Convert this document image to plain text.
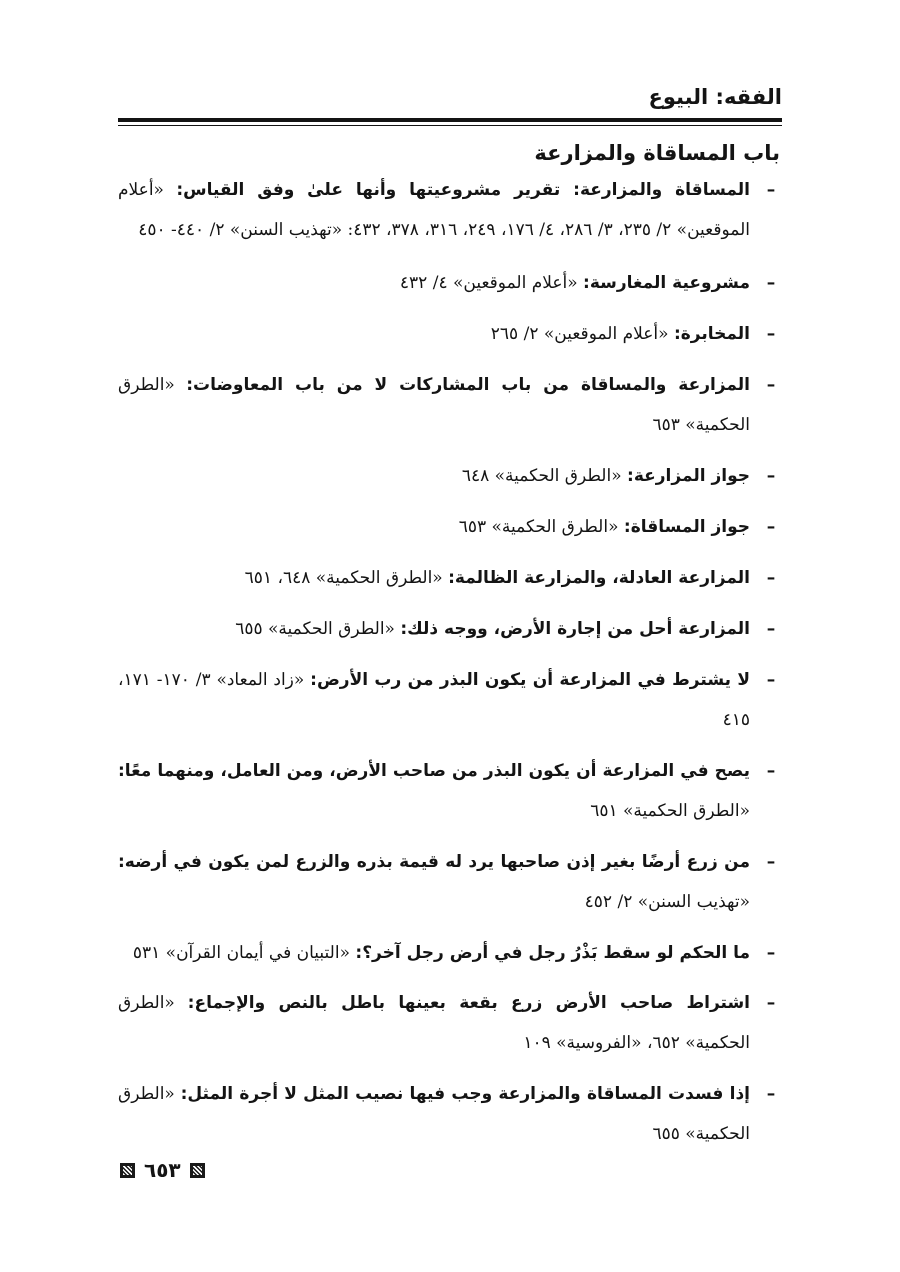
الفقه: البيوع
باب المساقاة والمزارعة
–
المساقاة والمزارعة: تقرير مشروعيتها وأنها علىٰ وفق القياس: «أعلام الموقعين» ٢/ ٢٣٥، ٣/ ٢٨٦، ٤/ ١٧٦، ٢٤٩، ٣١٦، ٣٧٨، ٤٣٢: «تهذيب السنن» ٢/ ٤٤٠- ٤٥٠
–
مشروعية المغارسة: «أعلام الموقعين» ٤/ ٤٣٢
–
المخابرة: «أعلام الموقعين» ٢/ ٢٦٥
–
المزارعة والمساقاة من باب المشاركات لا من باب المعاوضات: «الطرق الحكمية» ٦٥٣
–
جواز المزارعة: «الطرق الحكمية» ٦٤٨
–
جواز المساقاة: «الطرق الحكمية» ٦٥٣
–
المزارعة العادلة، والمزارعة الظالمة: «الطرق الحكمية» ٦٤٨، ٦٥١
–
المزارعة أحل من إجارة الأرض، ووجه ذلك: «الطرق الحكمية» ٦٥٥
–
لا يشترط في المزارعة أن يكون البذر من رب الأرض: «زاد المعاد» ٣/ ١٧٠- ١٧١، ٤١٥
–
يصح في المزارعة أن يكون البذر من صاحب الأرض، ومن العامل، ومنهما معًا: «الطرق الحكمية» ٦٥١
–
من زرع أرضًا بغير إذن صاحبها يرد له قيمة بذره والزرع لمن يكون في أرضه: «تهذيب السنن» ٢/ ٤٥٢
–
ما الحكم لو سقط بَذْرُ رجل في أرض رجل آخر؟: «التبيان في أيمان القرآن» ٥٣١
–
اشتراط صاحب الأرض زرع بقعة بعينها باطل بالنص والإجماع: «الطرق الحكمية» ٦٥٢، «الفروسية» ١٠٩
–
إذا فسدت المساقاة والمزارعة وجب فيها نصيب المثل لا أجرة المثل: «الطرق الحكمية» ٦٥٥
٦٥٣
